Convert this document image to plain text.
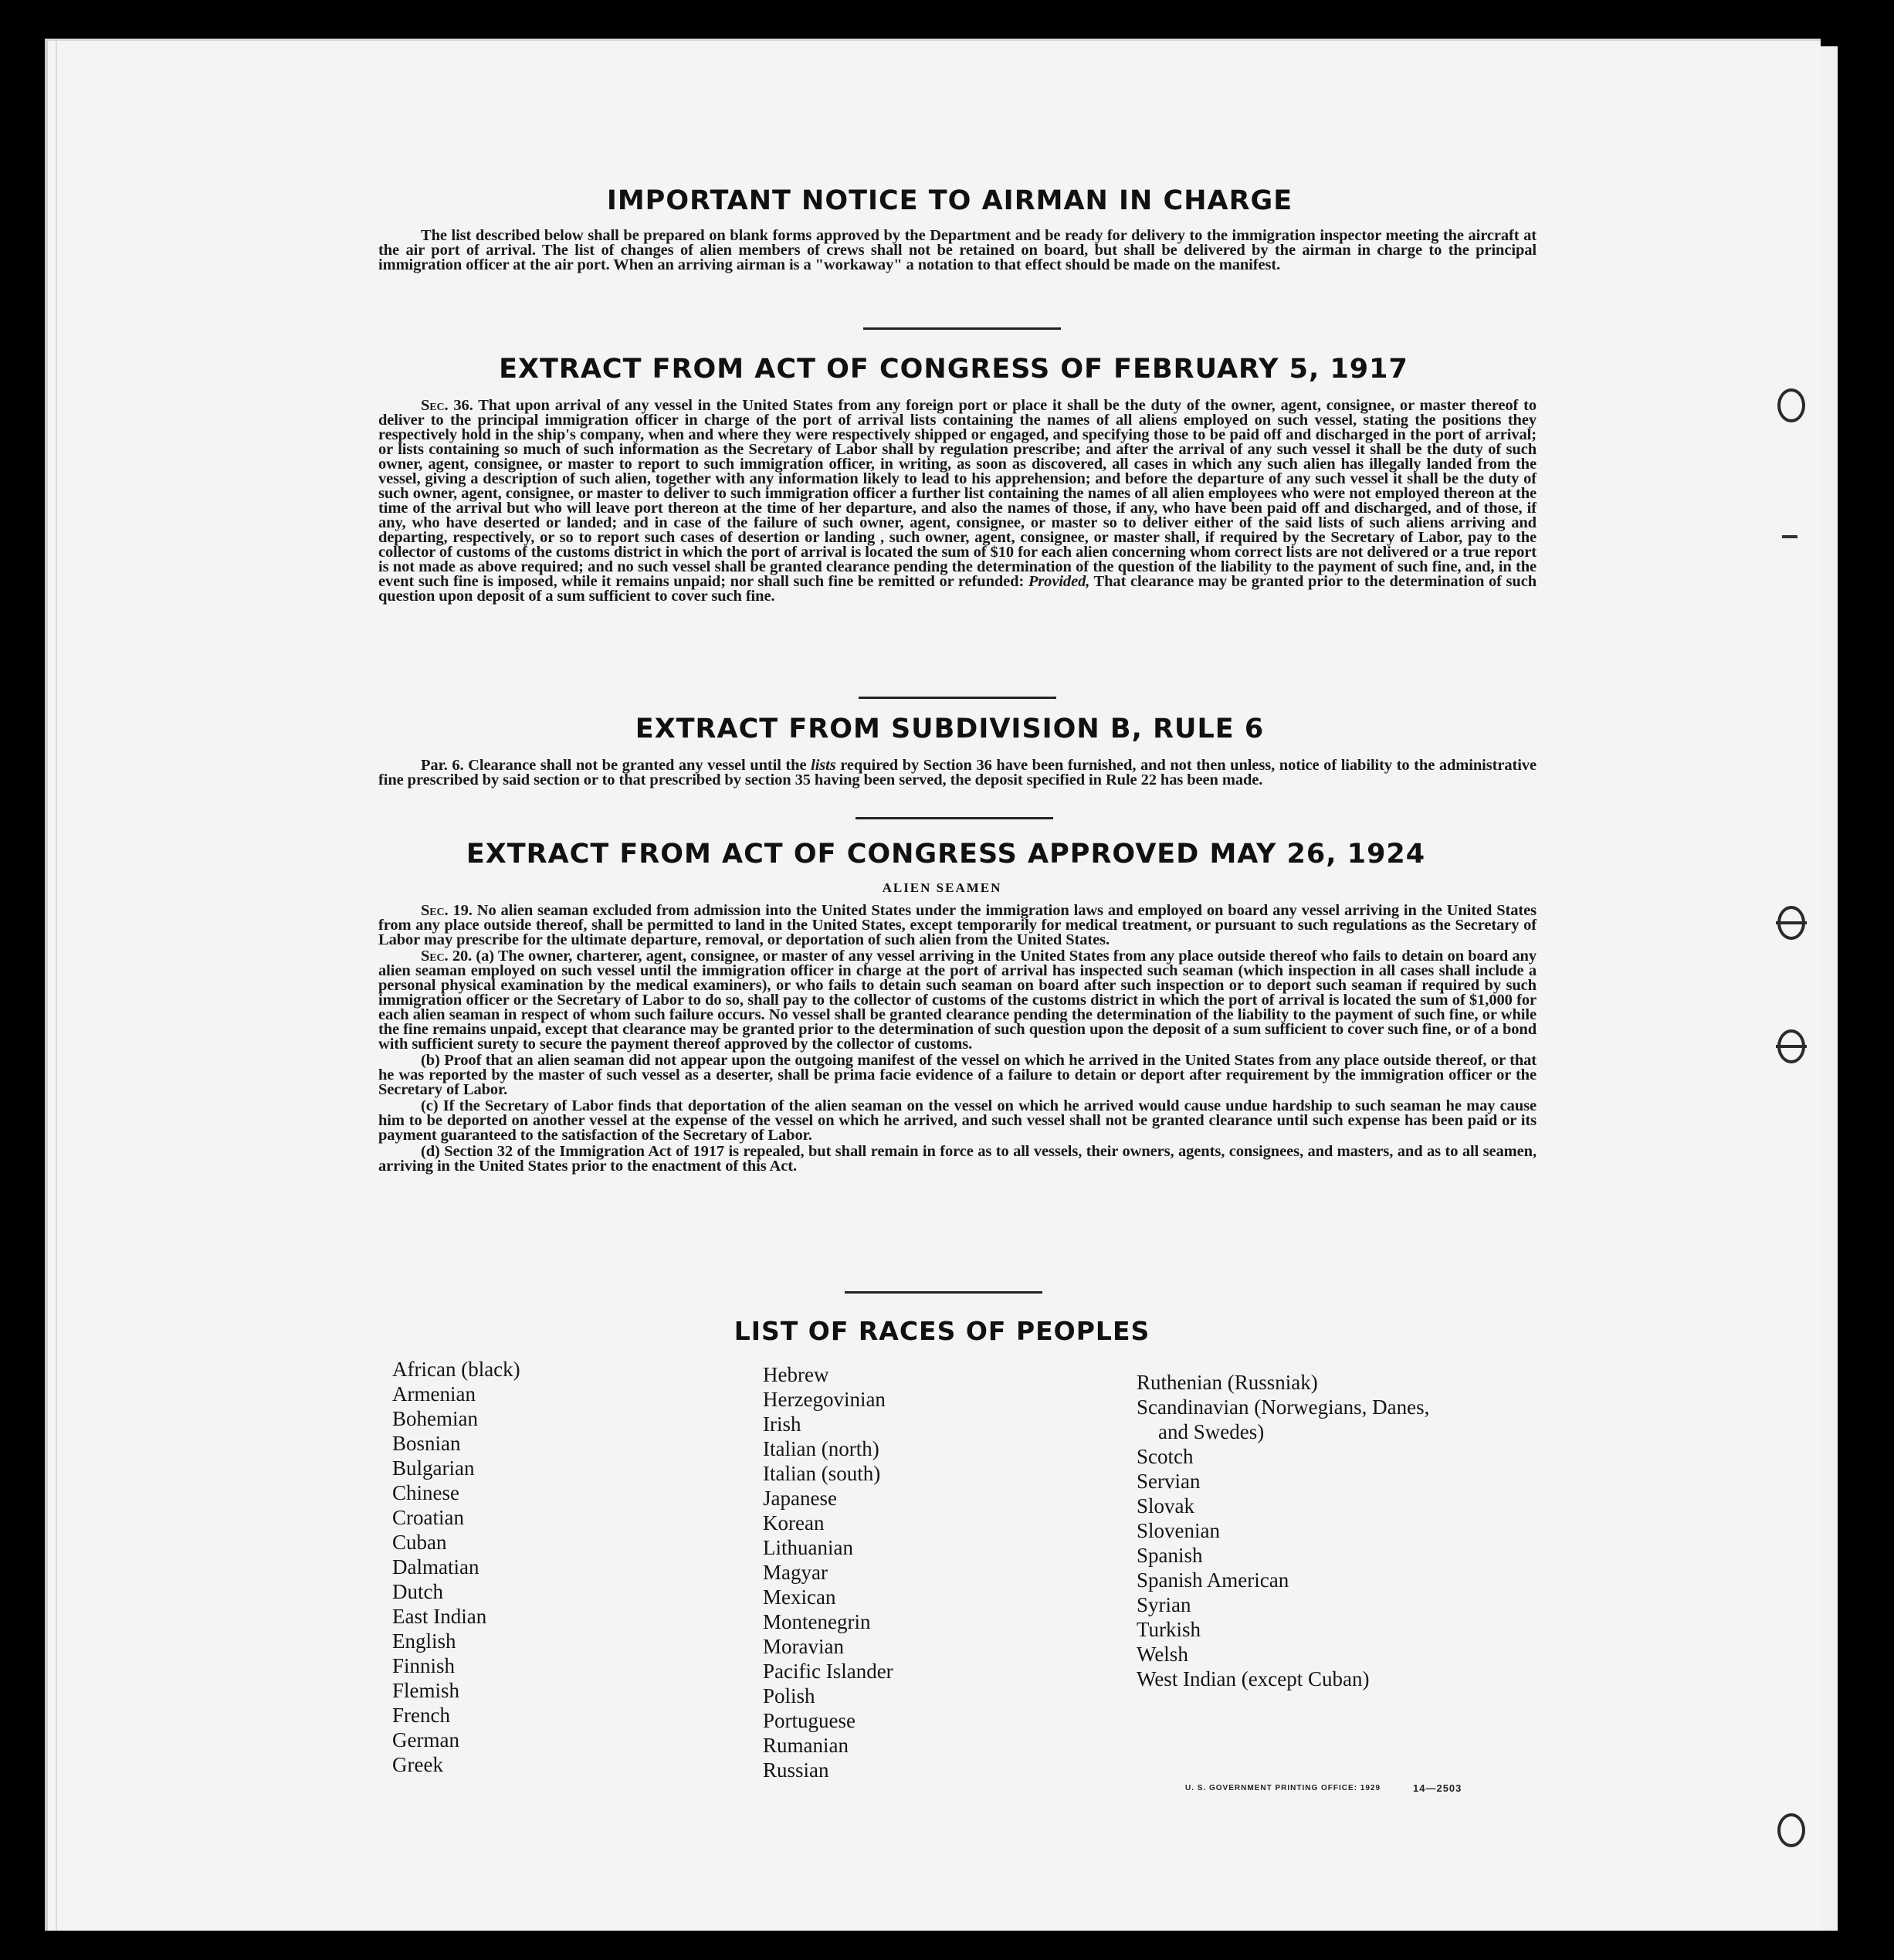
IMPORTANT NOTICE TO AIRMAN IN CHARGE

The list described below shall be prepared on blank forms approved by the Department and be ready for delivery to the immigration inspector meeting the aircraft at the air port of arrival. The list of changes of alien members of crews shall not be retained on board, but shall be delivered by the airman in charge to the principal immigration officer at the air port. When an arriving airman is a "workaway" a notation to that effect should be made on the manifest.

EXTRACT FROM ACT OF CONGRESS OF FEBRUARY 5, 1917

Sec. 36. That upon arrival of any vessel in the United States from any foreign port or place it shall be the duty of the owner, agent, consignee, or master thereof to deliver to the principal immigration officer in charge of the port of arrival lists containing the names of all aliens employed on such vessel, stating the positions they respectively hold in the ship's company, when and where they were respectively shipped or engaged, and specifying those to be paid off and discharged in the port of arrival; or lists containing so much of such information as the Secretary of Labor shall by regulation prescribe; and after the arrival of any such vessel it shall be the duty of such owner, agent, consignee, or master to report to such immigration officer, in writing, as soon as discovered, all cases in which any such alien has illegally landed from the vessel, giving a description of such alien, together with any information likely to lead to his apprehension; and before the departure of any such vessel it shall be the duty of such owner, agent, consignee, or master to deliver to such immigration officer a further list containing the names of all alien employees who were not employed thereon at the time of the arrival but who will leave port thereon at the time of her departure, and also the names of those, if any, who have been paid off and discharged, and of those, if any, who have deserted or landed; and in case of the failure of such owner, agent, consignee, or master so to deliver either of the said lists of such aliens arriving and departing, respectively, or so to report such cases of desertion or landing , such owner, agent, consignee, or master shall, if required by the Secretary of Labor, pay to the collector of customs of the customs district in which the port of arrival is located the sum of $10 for each alien concerning whom correct lists are not delivered or a true report is not made as above required; and no such vessel shall be granted clearance pending the determination of the question of the liability to the payment of such fine, and, in the event such fine is imposed, while it remains unpaid; nor shall such fine be remitted or refunded: Provided, That clearance may be granted prior to the determination of such question upon deposit of a sum sufficient to cover such fine.

EXTRACT FROM SUBDIVISION B, RULE 6

Par. 6. Clearance shall not be granted any vessel until the lists required by Section 36 have been furnished, and not then unless, notice of liability to the administrative fine prescribed by said section or to that prescribed by section 35 having been served, the deposit specified in Rule 22 has been made.

EXTRACT FROM ACT OF CONGRESS APPROVED MAY 26, 1924
ALIEN SEAMEN

Sec. 19. No alien seaman excluded from admission into the United States under the immigration laws and employed on board any vessel arriving in the United States from any place outside thereof, shall be permitted to land in the United States, except temporarily for medical treatment, or pursuant to such regulations as the Secretary of Labor may prescribe for the ultimate departure, removal, or deportation of such alien from the United States.

Sec. 20. (a) The owner, charterer, agent, consignee, or master of any vessel arriving in the United States from any place outside thereof who fails to detain on board any alien seaman employed on such vessel until the immigration officer in charge at the port of arrival has inspected such seaman (which inspection in all cases shall include a personal physical examination by the medical examiners), or who fails to detain such seaman on board after such inspection or to deport such seaman if required by such immigration officer or the Secretary of Labor to do so, shall pay to the collector of customs of the customs district in which the port of arrival is located the sum of $1,000 for each alien seaman in respect of whom such failure occurs. No vessel shall be granted clearance pending the determination of the liability to the payment of such fine, or while the fine remains unpaid, except that clearance may be granted prior to the determination of such question upon the deposit of a sum sufficient to cover such fine, or of a bond with sufficient surety to secure the payment thereof approved by the collector of customs.

(b) Proof that an alien seaman did not appear upon the outgoing manifest of the vessel on which he arrived in the United States from any place outside thereof, or that he was reported by the master of such vessel as a deserter, shall be prima facie evidence of a failure to detain or deport after requirement by the immigration officer or the Secretary of Labor.

(c) If the Secretary of Labor finds that deportation of the alien seaman on the vessel on which he arrived would cause undue hardship to such seaman he may cause him to be deported on another vessel at the expense of the vessel on which he arrived, and such vessel shall not be granted clearance until such expense has been paid or its payment guaranteed to the satisfaction of the Secretary of Labor.

(d) Section 32 of the Immigration Act of 1917 is repealed, but shall remain in force as to all vessels, their owners, agents, consignees, and masters, and as to all seamen, arriving in the United States prior to the enactment of this Act.

LIST OF RACES OF PEOPLES
African (black)
Armenian
Bohemian
Bosnian
Bulgarian
Chinese
Croatian
Cuban
Dalmatian
Dutch
East Indian
English
Finnish
Flemish
French
German
Greek
Hebrew
Herzegovinian
Irish
Italian (north)
Italian (south)
Japanese
Korean
Lithuanian
Magyar
Mexican
Montenegrin
Moravian
Pacific Islander
Polish
Portuguese
Rumanian
Russian
Ruthenian (Russniak)
Scandinavian (Norwegians, Danes,
and Swedes)
Scotch
Servian
Slovak
Slovenian
Spanish
Spanish American
Syrian
Turkish
Welsh
West Indian (except Cuban)
U. S. GOVERNMENT PRINTING OFFICE: 1929	14—2503
